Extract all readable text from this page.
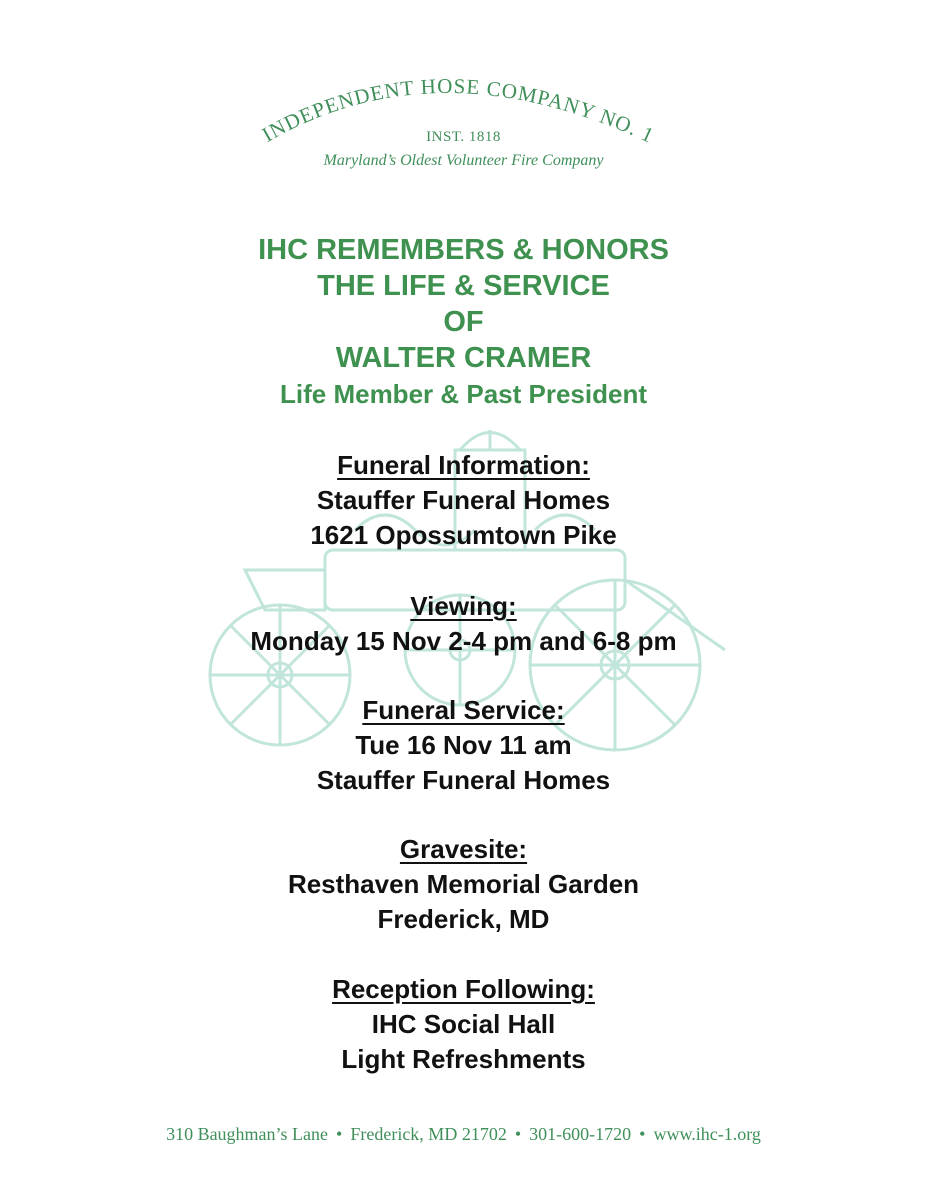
INDEPENDENT HOSE COMPANY NO. 1
INST. 1818
Maryland’s Oldest Volunteer Fire Company
IHC REMEMBERS & HONORS
THE LIFE & SERVICE
OF
WALTER CRAMER
Life Member & Past President
Funeral Information:
Stauffer Funeral Homes
1621 Opossumtown Pike
Viewing:
Monday 15 Nov 2-4 pm and 6-8 pm
Funeral Service:
Tue 16 Nov 11 am
Stauffer Funeral Homes
Gravesite:
Resthaven Memorial Garden
Frederick, MD
Reception Following:
IHC Social Hall
Light Refreshments
310 Baughman’s Lane • Frederick, MD 21702 • 301-600-1720 • www.ihc-1.org
